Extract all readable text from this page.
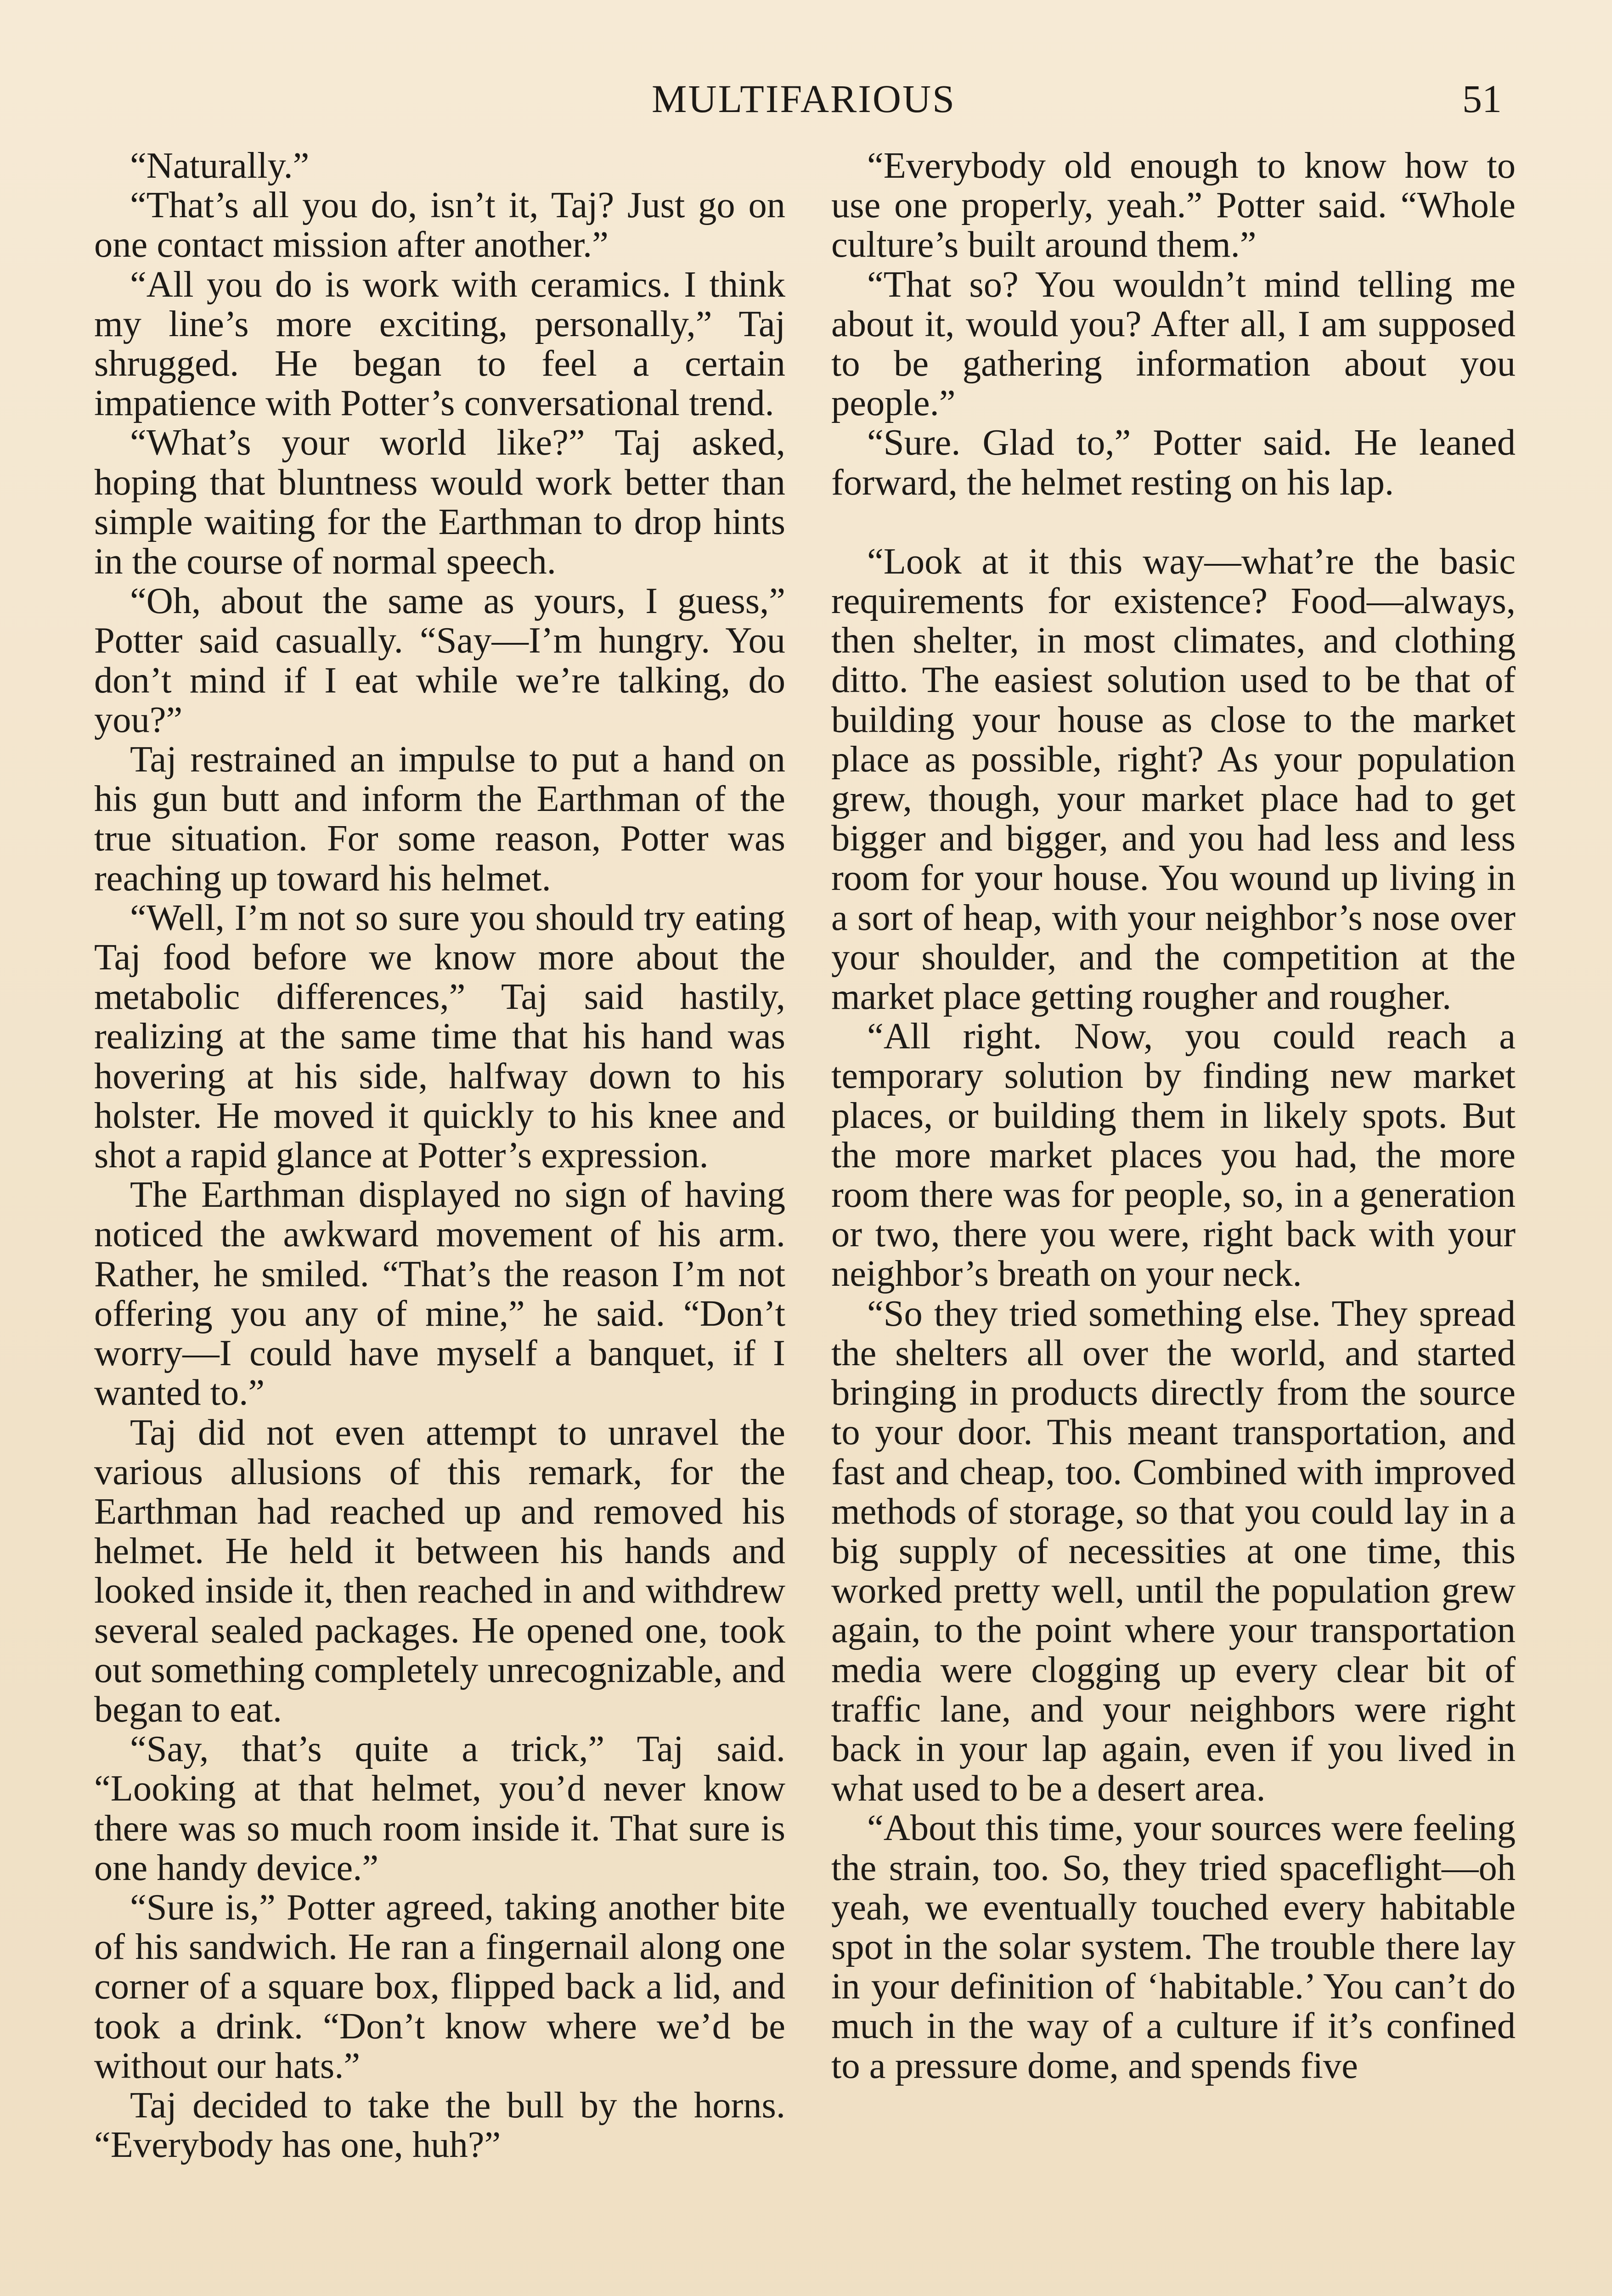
MULTIFARIOUS	51

“Naturally.”

“That’s all you do, isn’t it, Taj? Just go on one contact mission after another.”

“All you do is work with ceramics. I think my line’s more exciting, personally,” Taj shrugged. He began to feel a certain impatience with Potter’s conversational trend.

“What’s your world like?” Taj asked, hoping that bluntness would work better than simple waiting for the Earthman to drop hints in the course of normal speech.

“Oh, about the same as yours, I guess,” Potter said casually. “Say—I’m hungry. You don’t mind if I eat while we’re talking, do you?”

Taj restrained an impulse to put a hand on his gun butt and inform the Earthman of the true situation. For some reason, Potter was reaching up toward his helmet.

“Well, I’m not so sure you should try eating Taj food before we know more about the metabolic differences,” Taj said hastily, realizing at the same time that his hand was hovering at his side, halfway down to his holster. He moved it quickly to his knee and shot a rapid glance at Potter’s expression.

The Earthman displayed no sign of having noticed the awkward movement of his arm. Rather, he smiled. “That’s the reason I’m not offering you any of mine,” he said. “Don’t worry—I could have myself a banquet, if I wanted to.”

Taj did not even attempt to unravel the various allusions of this remark, for the Earthman had reached up and removed his helmet. He held it between his hands and looked inside it, then reached in and withdrew several sealed packages. He opened one, took out something completely unrecognizable, and began to eat.

“Say, that’s quite a trick,” Taj said. “Looking at that helmet, you’d never know there was so much room inside it. That sure is one handy device.”

“Sure is,” Potter agreed, taking another bite of his sandwich. He ran a fingernail along one corner of a square box, flipped back a lid, and took a drink. “Don’t know where we’d be without our hats.”

Taj decided to take the bull by the horns. “Everybody has one, huh?”

“Everybody old enough to know how to use one properly, yeah.” Potter said. “Whole culture’s built around them.”

“That so? You wouldn’t mind telling me about it, would you? After all, I am supposed to be gathering information about you people.”

“Sure. Glad to,” Potter said. He leaned forward, the helmet resting on his lap.

“Look at it this way—what’re the basic requirements for existence? Food—always, then shelter, in most climates, and clothing ditto. The easiest solution used to be that of building your house as close to the market place as possible, right? As your population grew, though, your market place had to get bigger and bigger, and you had less and less room for your house. You wound up living in a sort of heap, with your neighbor’s nose over your shoulder, and the competition at the market place getting rougher and rougher.

“All right. Now, you could reach a temporary solution by finding new market places, or building them in likely spots. But the more market places you had, the more room there was for people, so, in a generation or two, there you were, right back with your neighbor’s breath on your neck.

“So they tried something else. They spread the shelters all over the world, and started bringing in products directly from the source to your door. This meant transportation, and fast and cheap, too. Combined with improved methods of storage, so that you could lay in a big supply of necessities at one time, this worked pretty well, until the population grew again, to the point where your transportation media were clogging up every clear bit of traffic lane, and your neighbors were right back in your lap again, even if you lived in what used to be a desert area.

“About this time, your sources were feeling the strain, too. So, they tried spaceflight—oh yeah, we eventually touched every habitable spot in the solar system. The trouble there lay in your definition of ‘habitable.’ You can’t do much in the way of a culture if it’s confined to a pressure dome, and spends five
